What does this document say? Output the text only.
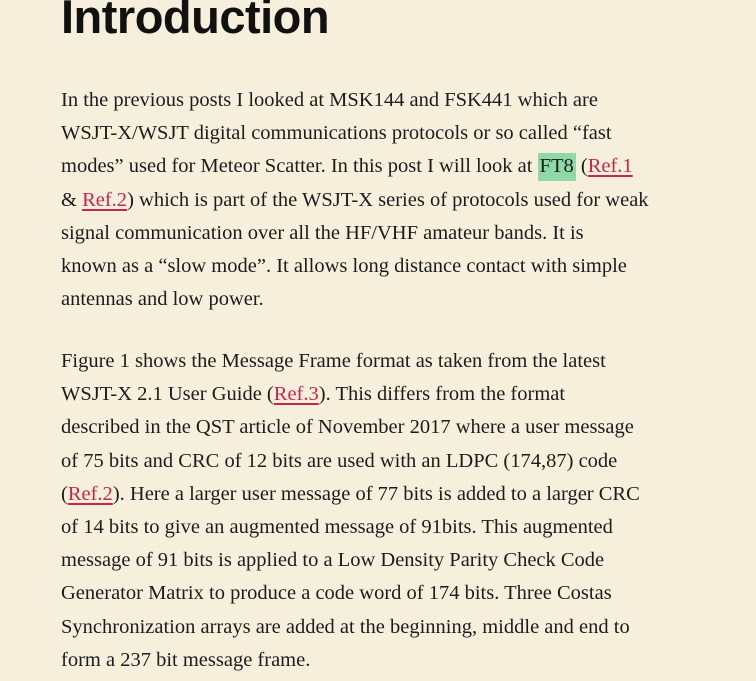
Introduction

In the previous posts I looked at MSK144 and FSK441 which are
WSJT-X/WSJT digital communications protocols or so called “fast
modes” used for Meteor Scatter. In this post I will look at FT8 (Ref.1
& Ref.2) which is part of the WSJT-X series of protocols used for weak
signal communication over all the HF/VHF amateur bands. It is
known as a “slow mode”. It allows long distance contact with simple
antennas and low power.

Figure 1 shows the Message Frame format as taken from the latest
WSJT-X 2.1 User Guide (Ref.3). This differs from the format
described in the QST article of November 2017 where a user message
of 75 bits and CRC of 12 bits are used with an LDPC (174,87) code
(Ref.2). Here a larger user message of 77 bits is added to a larger CRC
of 14 bits to give an augmented message of 91bits. This augmented
message of 91 bits is applied to a Low Density Parity Check Code
Generator Matrix to produce a code word of 174 bits. Three Costas
Synchronization arrays are added at the beginning, middle and end to
form a 237 bit message frame.
